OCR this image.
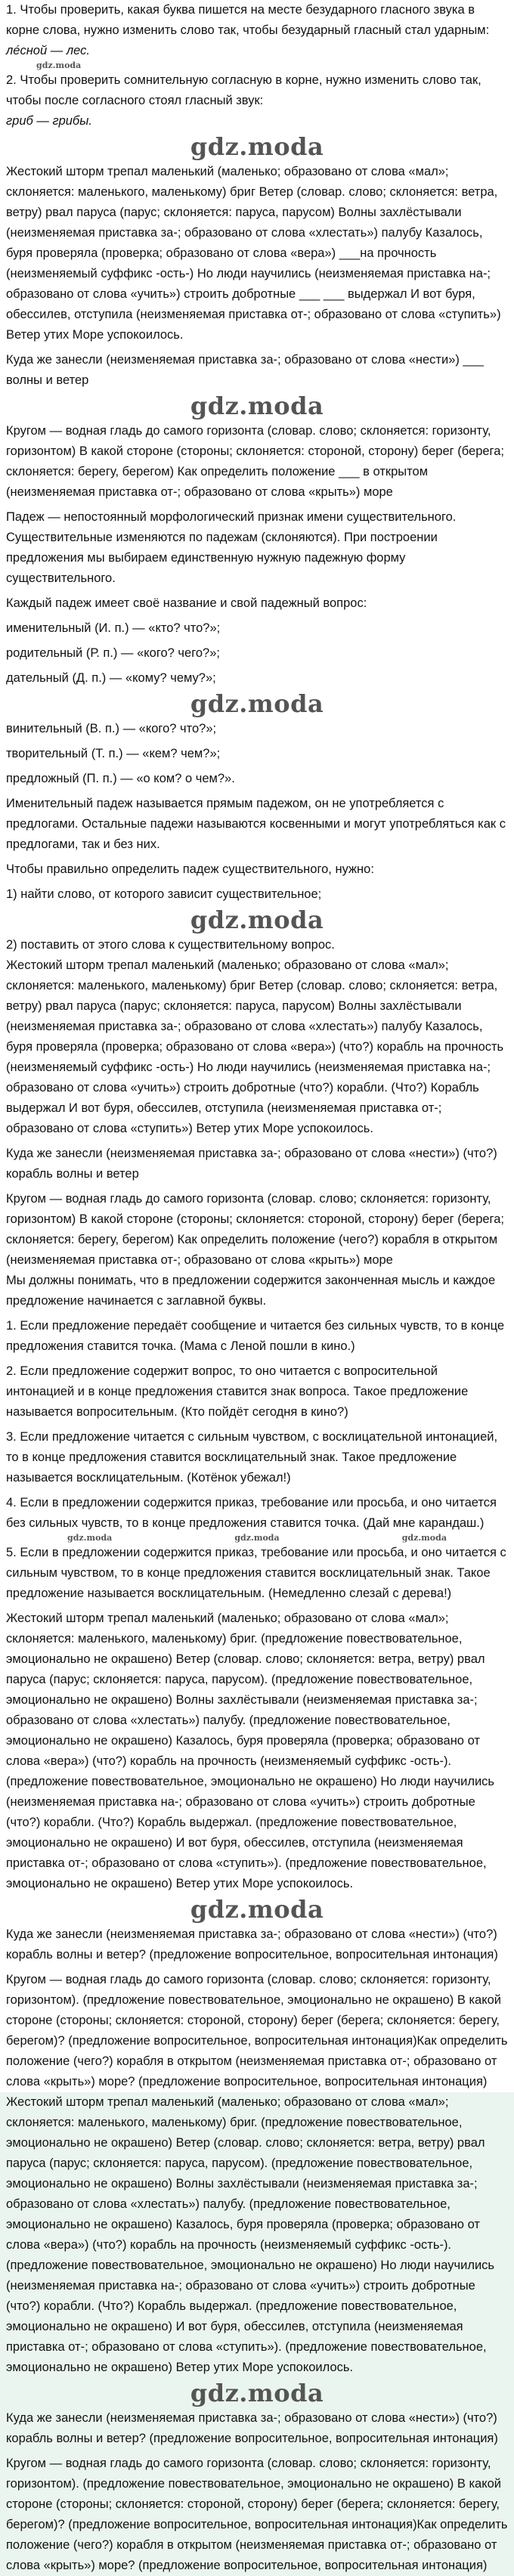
1. Чтобы проверить, какая буква пишется на месте безударного гласного звука в корне слова, нужно изменить слово так, чтобы безударный гласный стал ударным:

ле́сной — лес.

gdz.moda

2. Чтобы проверить сомнительную согласную в корне, нужно изменить слово так, чтобы после согласного стоял гласный звук:

гриб — грибы.

gdz.moda

Жестокий шторм трепал маленький (маленько; образовано от слова «мал»; склоняется: маленького, маленькому) бриг Ветер (словар. слово; склоняется: ветра, ветру) рвал паруса (парус; склоняется: паруса, парусом) Волны захлёстывали (неизменяемая приставка за-; образовано от слова «хлестать») палубу Казалось, буря проверяла (проверка; образовано от слова «вера») ___на прочность (неизменяемый суффикс -ость-) Но люди научились (неизменяемая приставка на-; образовано от слова «учить») строить добротные ___ ___ выдержал И вот буря, обессилев, отступила (неизменяемая приставка от-; образовано от слова «ступить») Ветер утих Море успокоилось.

Куда же занесли (неизменяемая приставка за-; образовано от слова «нести») ___ волны и ветер

gdz.moda

Кругом — водная гладь до самого горизонта (словар. слово; склоняется: горизонту, горизонтом) В какой стороне (стороны; склоняется: стороной, сторону) берег (берега; склоняется: берегу, берегом) Как определить положение ___ в открытом (неизменяемая приставка от-; образовано от слова «крыть») море

Падеж — непостоянный морфологический признак имени существительного. Существительные изменяются по падежам (склоняются). При построении предложения мы выбираем единственную нужную падежную форму существительного.

Каждый падеж имеет своё название и свой падежный вопрос:

именительный (И. п.) — «кто? что?»;

родительный (Р. п.) — «кого? чего?»;

дательный (Д. п.) — «кому? чему?»;

gdz.moda

винительный (В. п.) — «кого? что?»;

творительный (Т. п.) — «кем? чем?»;

предложный (П. п.) — «о ком? о чем?».

Именительный падеж называется прямым падежом, он не употребляется с предлогами. Остальные падежи называются косвенными и могут употребляться как с предлогами, так и без них.

Чтобы правильно определить падеж существительного, нужно:

1) найти слово, от которого зависит существительное;

gdz.moda

2) поставить от этого слова к существительному вопрос.

Жестокий шторм трепал маленький (маленько; образовано от слова «мал»; склоняется: маленького, маленькому) бриг Ветер (словар. слово; склоняется: ветра, ветру) рвал паруса (парус; склоняется: паруса, парусом) Волны захлёстывали (неизменяемая приставка за-; образовано от слова «хлестать») палубу Казалось, буря проверяла (проверка; образовано от слова «вера») (что?) корабль на прочность (неизменяемый суффикс -ость-) Но люди научились (неизменяемая приставка на-; образовано от слова «учить») строить добротные (что?) корабли. (Что?) Корабль выдержал И вот буря, обессилев, отступила (неизменяемая приставка от-; образовано от слова «ступить») Ветер утих Море успокоилось.

Куда же занесли (неизменяемая приставка за-; образовано от слова «нести») (что?) корабль волны и ветер

Кругом — водная гладь до самого горизонта (словар. слово; склоняется: горизонту, горизонтом) В какой стороне (стороны; склоняется: стороной, сторону) берег (берега; склоняется: берегу, берегом) Как определить положение (чего?) корабля в открытом (неизменяемая приставка от-; образовано от слова «крыть») море

Мы должны понимать, что в предложении содержится законченная мысль и каждое предложение начинается с заглавной буквы.

1. Если предложение передаёт сообщение и читается без сильных чувств, то в конце предложения ставится точка. (Мама с Леной пошли в кино.)

2. Если предложение содержит вопрос, то оно читается с вопросительной интонацией и в конце предложения ставится знак вопроса. Такое предложение называется вопросительным. (Кто пойдёт сегодня в кино?)

3. Если предложение читается с сильным чувством, с восклицательной интонацией, то в конце предложения ставится восклицательный знак. Такое предложение называется восклицательным. (Котёнок убежал!)

4. Если в предложении содержится приказ, требование или просьба, и оно читается без сильных чувств, то в конце предложения ставится точка. (Дай мне карандаш.)

gdz.moda	gdz.moda	gdz.moda

5. Если в предложении содержится приказ, требование или просьба, и оно читается с сильным чувством, то в конце предложения ставится восклицательный знак. Такое предложение называется восклицательным. (Немедленно слезай с дерева!)

Жестокий шторм трепал маленький (маленько; образовано от слова «мал»; склоняется: маленького, маленькому) бриг. (предложение повествовательное, эмоционально не окрашено) Ветер (словар. слово; склоняется: ветра, ветру) рвал паруса (парус; склоняется: паруса, парусом). (предложение повествовательное, эмоционально не окрашено) Волны захлёстывали (неизменяемая приставка за-; образовано от слова «хлестать») палубу. (предложение повествовательное, эмоционально не окрашено) Казалось, буря проверяла (проверка; образовано от слова «вера») (что?) корабль на прочность (неизменяемый суффикс -ость-). (предложение повествовательное, эмоционально не окрашено) Но люди научились (неизменяемая приставка на-; образовано от слова «учить») строить добротные (что?) корабли. (Что?) Корабль выдержал. (предложение повествовательное, эмоционально не окрашено) И вот буря, обессилев, отступила (неизменяемая приставка от-; образовано от слова «ступить»). (предложение повествовательное, эмоционально не окрашено) Ветер утих Море успокоилось.

gdz.moda

Куда же занесли (неизменяемая приставка за-; образовано от слова «нести») (что?) корабль волны и ветер? (предложение вопросительное, вопросительная интонация)

Кругом — водная гладь до самого горизонта (словар. слово; склоняется: горизонту, горизонтом). (предложение повествовательное, эмоционально не окрашено) В какой стороне (стороны; склоняется: стороной, сторону) берег (берега; склоняется: берегу, берегом)? (предложение вопросительное, вопросительная интонация)Как определить положение (чего?) корабля в открытом (неизменяемая приставка от-; образовано от слова «крыть») море? (предложение вопросительное, вопросительная интонация)

Жестокий шторм трепал маленький (маленько; образовано от слова «мал»; склоняется: маленького, маленькому) бриг. (предложение повествовательное, эмоционально не окрашено) Ветер (словар. слово; склоняется: ветра, ветру) рвал паруса (парус; склоняется: паруса, парусом). (предложение повествовательное, эмоционально не окрашено) Волны захлёстывали (неизменяемая приставка за-; образовано от слова «хлестать») палубу. (предложение повествовательное, эмоционально не окрашено) Казалось, буря проверяла (проверка; образовано от слова «вера») (что?) корабль на прочность (неизменяемый суффикс -ость-). (предложение повествовательное, эмоционально не окрашено) Но люди научились (неизменяемая приставка на-; образовано от слова «учить») строить добротные (что?) корабли. (Что?) Корабль выдержал. (предложение повествовательное, эмоционально не окрашено) И вот буря, обессилев, отступила (неизменяемая приставка от-; образовано от слова «ступить»). (предложение повествовательное, эмоционально не окрашено) Ветер утих Море успокоилось.

gdz.moda

Куда же занесли (неизменяемая приставка за-; образовано от слова «нести») (что?) корабль волны и ветер? (предложение вопросительное, вопросительная интонация)

Кругом — водная гладь до самого горизонта (словар. слово; склоняется: горизонту, горизонтом). (предложение повествовательное, эмоционально не окрашено) В какой стороне (стороны; склоняется: стороной, сторону) берег (берега; склоняется: берегу, берегом)? (предложение вопросительное, вопросительная интонация)Как определить положение (чего?) корабля в открытом (неизменяемая приставка от-; образовано от слова «крыть») море? (предложение вопросительное, вопросительная интонация)
